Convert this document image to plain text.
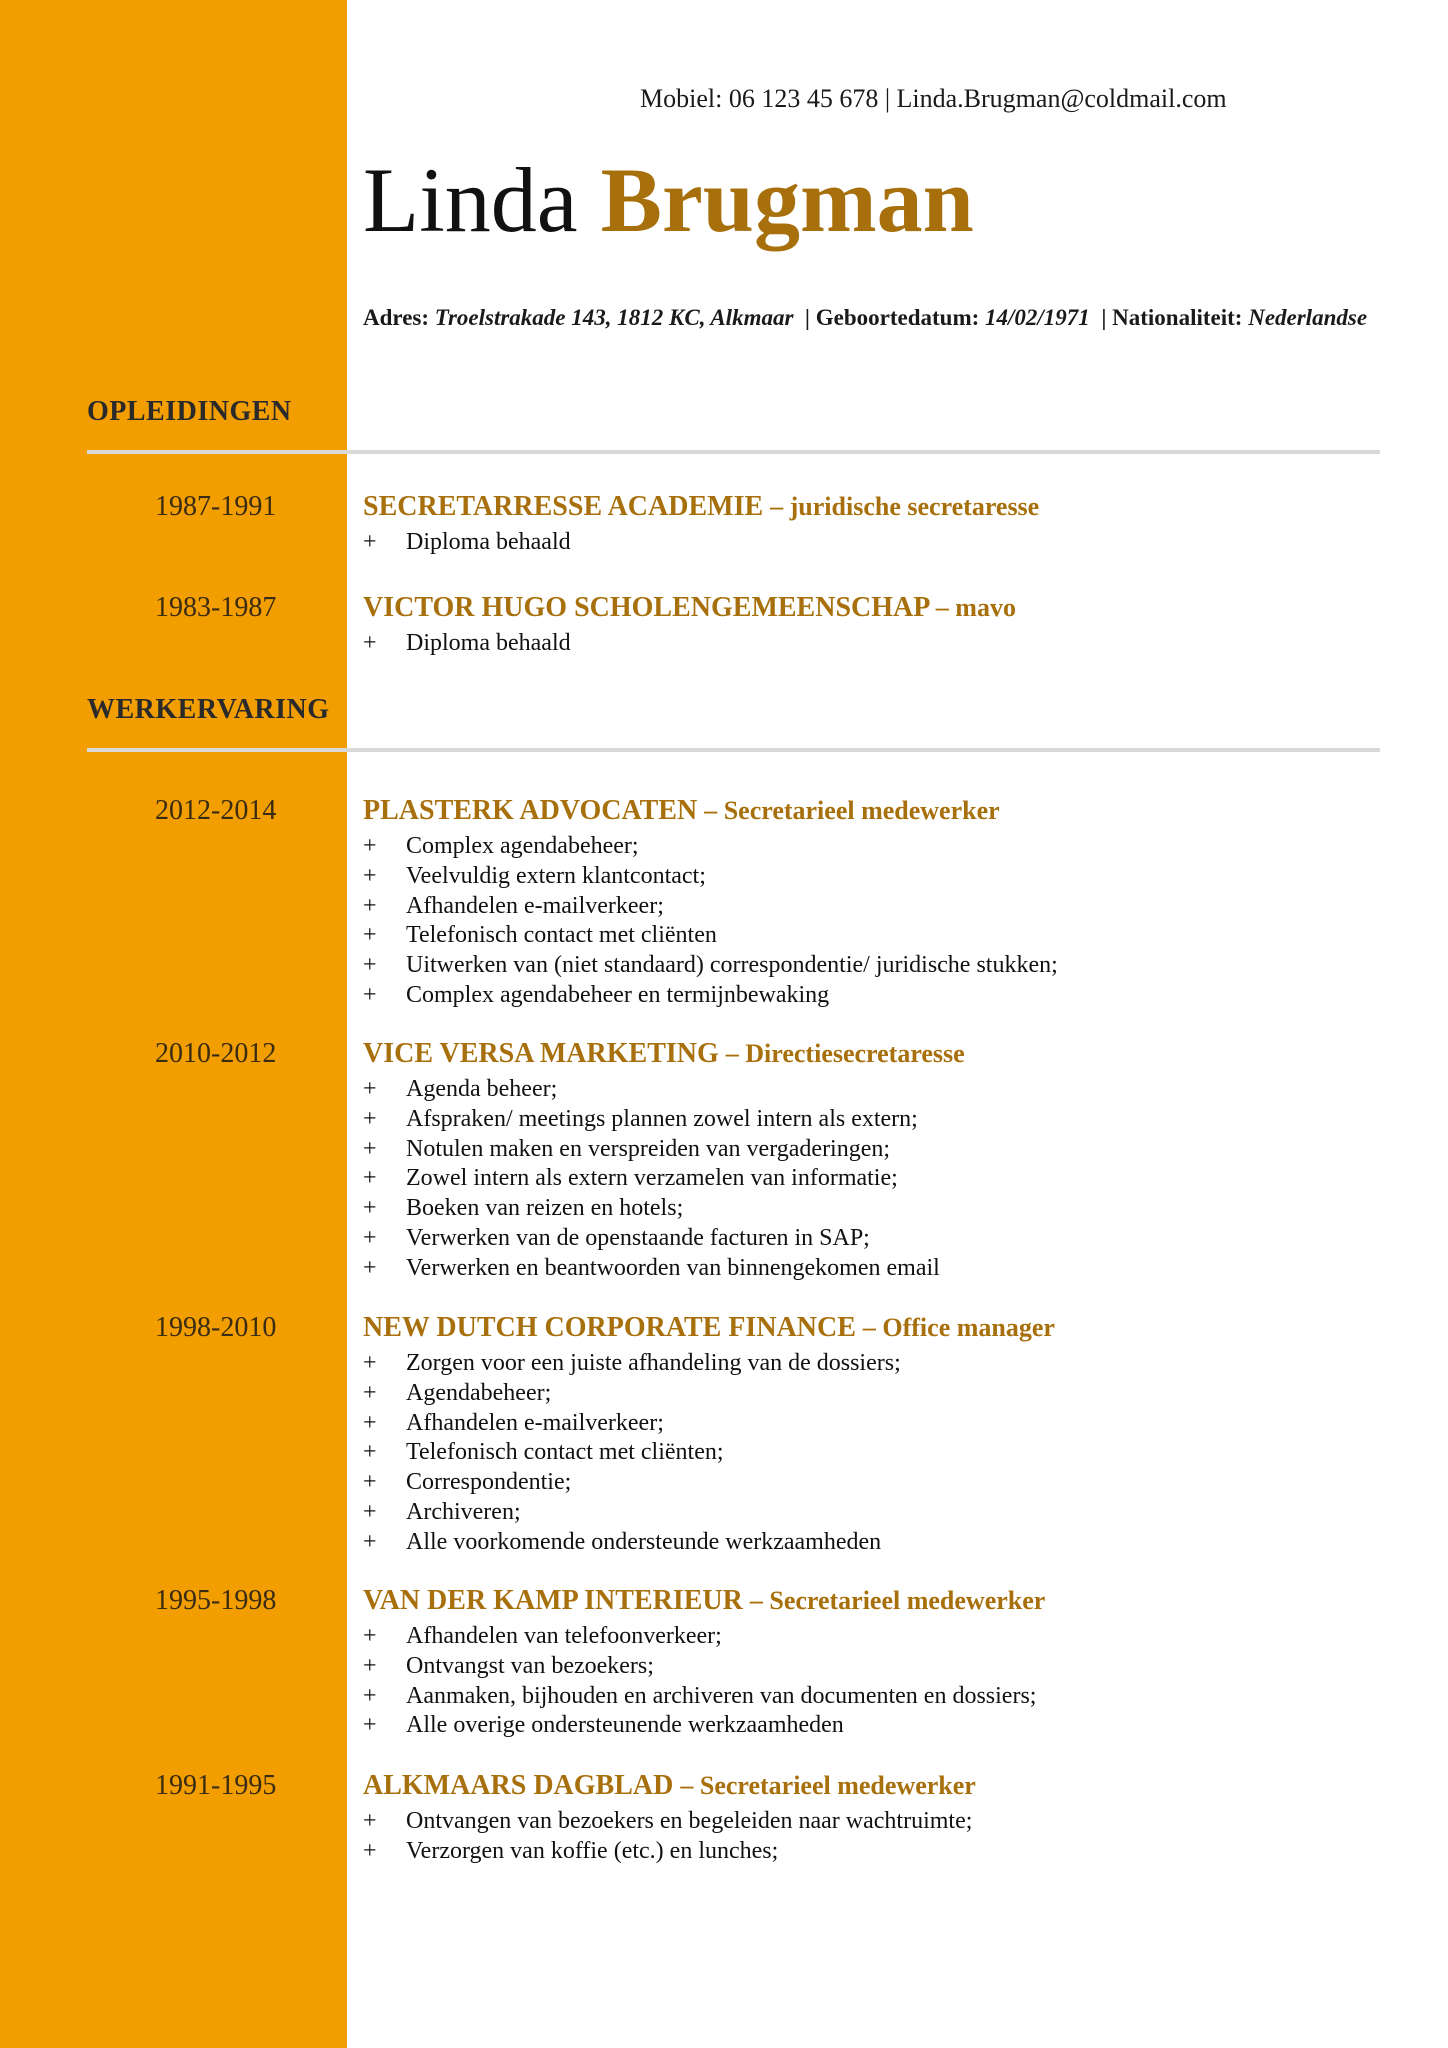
Mobiel: 06 123 45 678 | Linda.Brugman@coldmail.com
Linda Brugman
Adres: Troelstrakade 143, 1812 KC, Alkmaar | Geboortedatum: 14/02/1971 | Nationaliteit: Nederlandse
OPLEIDINGEN
1987-1991	SECRETARRESSE ACADEMIE – juridische secretaresse
+	Diploma behaald
1983-1987	VICTOR HUGO SCHOLENGEMEENSCHAP – mavo
+	Diploma behaald
WERKERVARING
2012-2014	PLASTERK ADVOCATEN – Secretarieel medewerker
+	Complex agendabeheer;
+	Veelvuldig extern klantcontact;
+	Afhandelen e-mailverkeer;
+	Telefonisch contact met cliënten
+	Uitwerken van (niet standaard) correspondentie/ juridische stukken;
+	Complex agendabeheer en termijnbewaking
2010-2012	VICE VERSA MARKETING – Directiesecretaresse
+	Agenda beheer;
+	Afspraken/ meetings plannen zowel intern als extern;
+	Notulen maken en verspreiden van vergaderingen;
+	Zowel intern als extern verzamelen van informatie;
+	Boeken van reizen en hotels;
+	Verwerken van de openstaande facturen in SAP;
+	Verwerken en beantwoorden van binnengekomen email
1998-2010	NEW DUTCH CORPORATE FINANCE – Office manager
+	Zorgen voor een juiste afhandeling van de dossiers;
+	Agendabeheer;
+	Afhandelen e-mailverkeer;
+	Telefonisch contact met cliënten;
+	Correspondentie;
+	Archiveren;
+	Alle voorkomende ondersteunde werkzaamheden
1995-1998	VAN DER KAMP INTERIEUR – Secretarieel medewerker
+	Afhandelen van telefoonverkeer;
+	Ontvangst van bezoekers;
+	Aanmaken, bijhouden en archiveren van documenten en dossiers;
+	Alle overige ondersteunende werkzaamheden
1991-1995	ALKMAARS DAGBLAD – Secretarieel medewerker
+	Ontvangen van bezoekers en begeleiden naar wachtruimte;
+	Verzorgen van koffie (etc.) en lunches;
